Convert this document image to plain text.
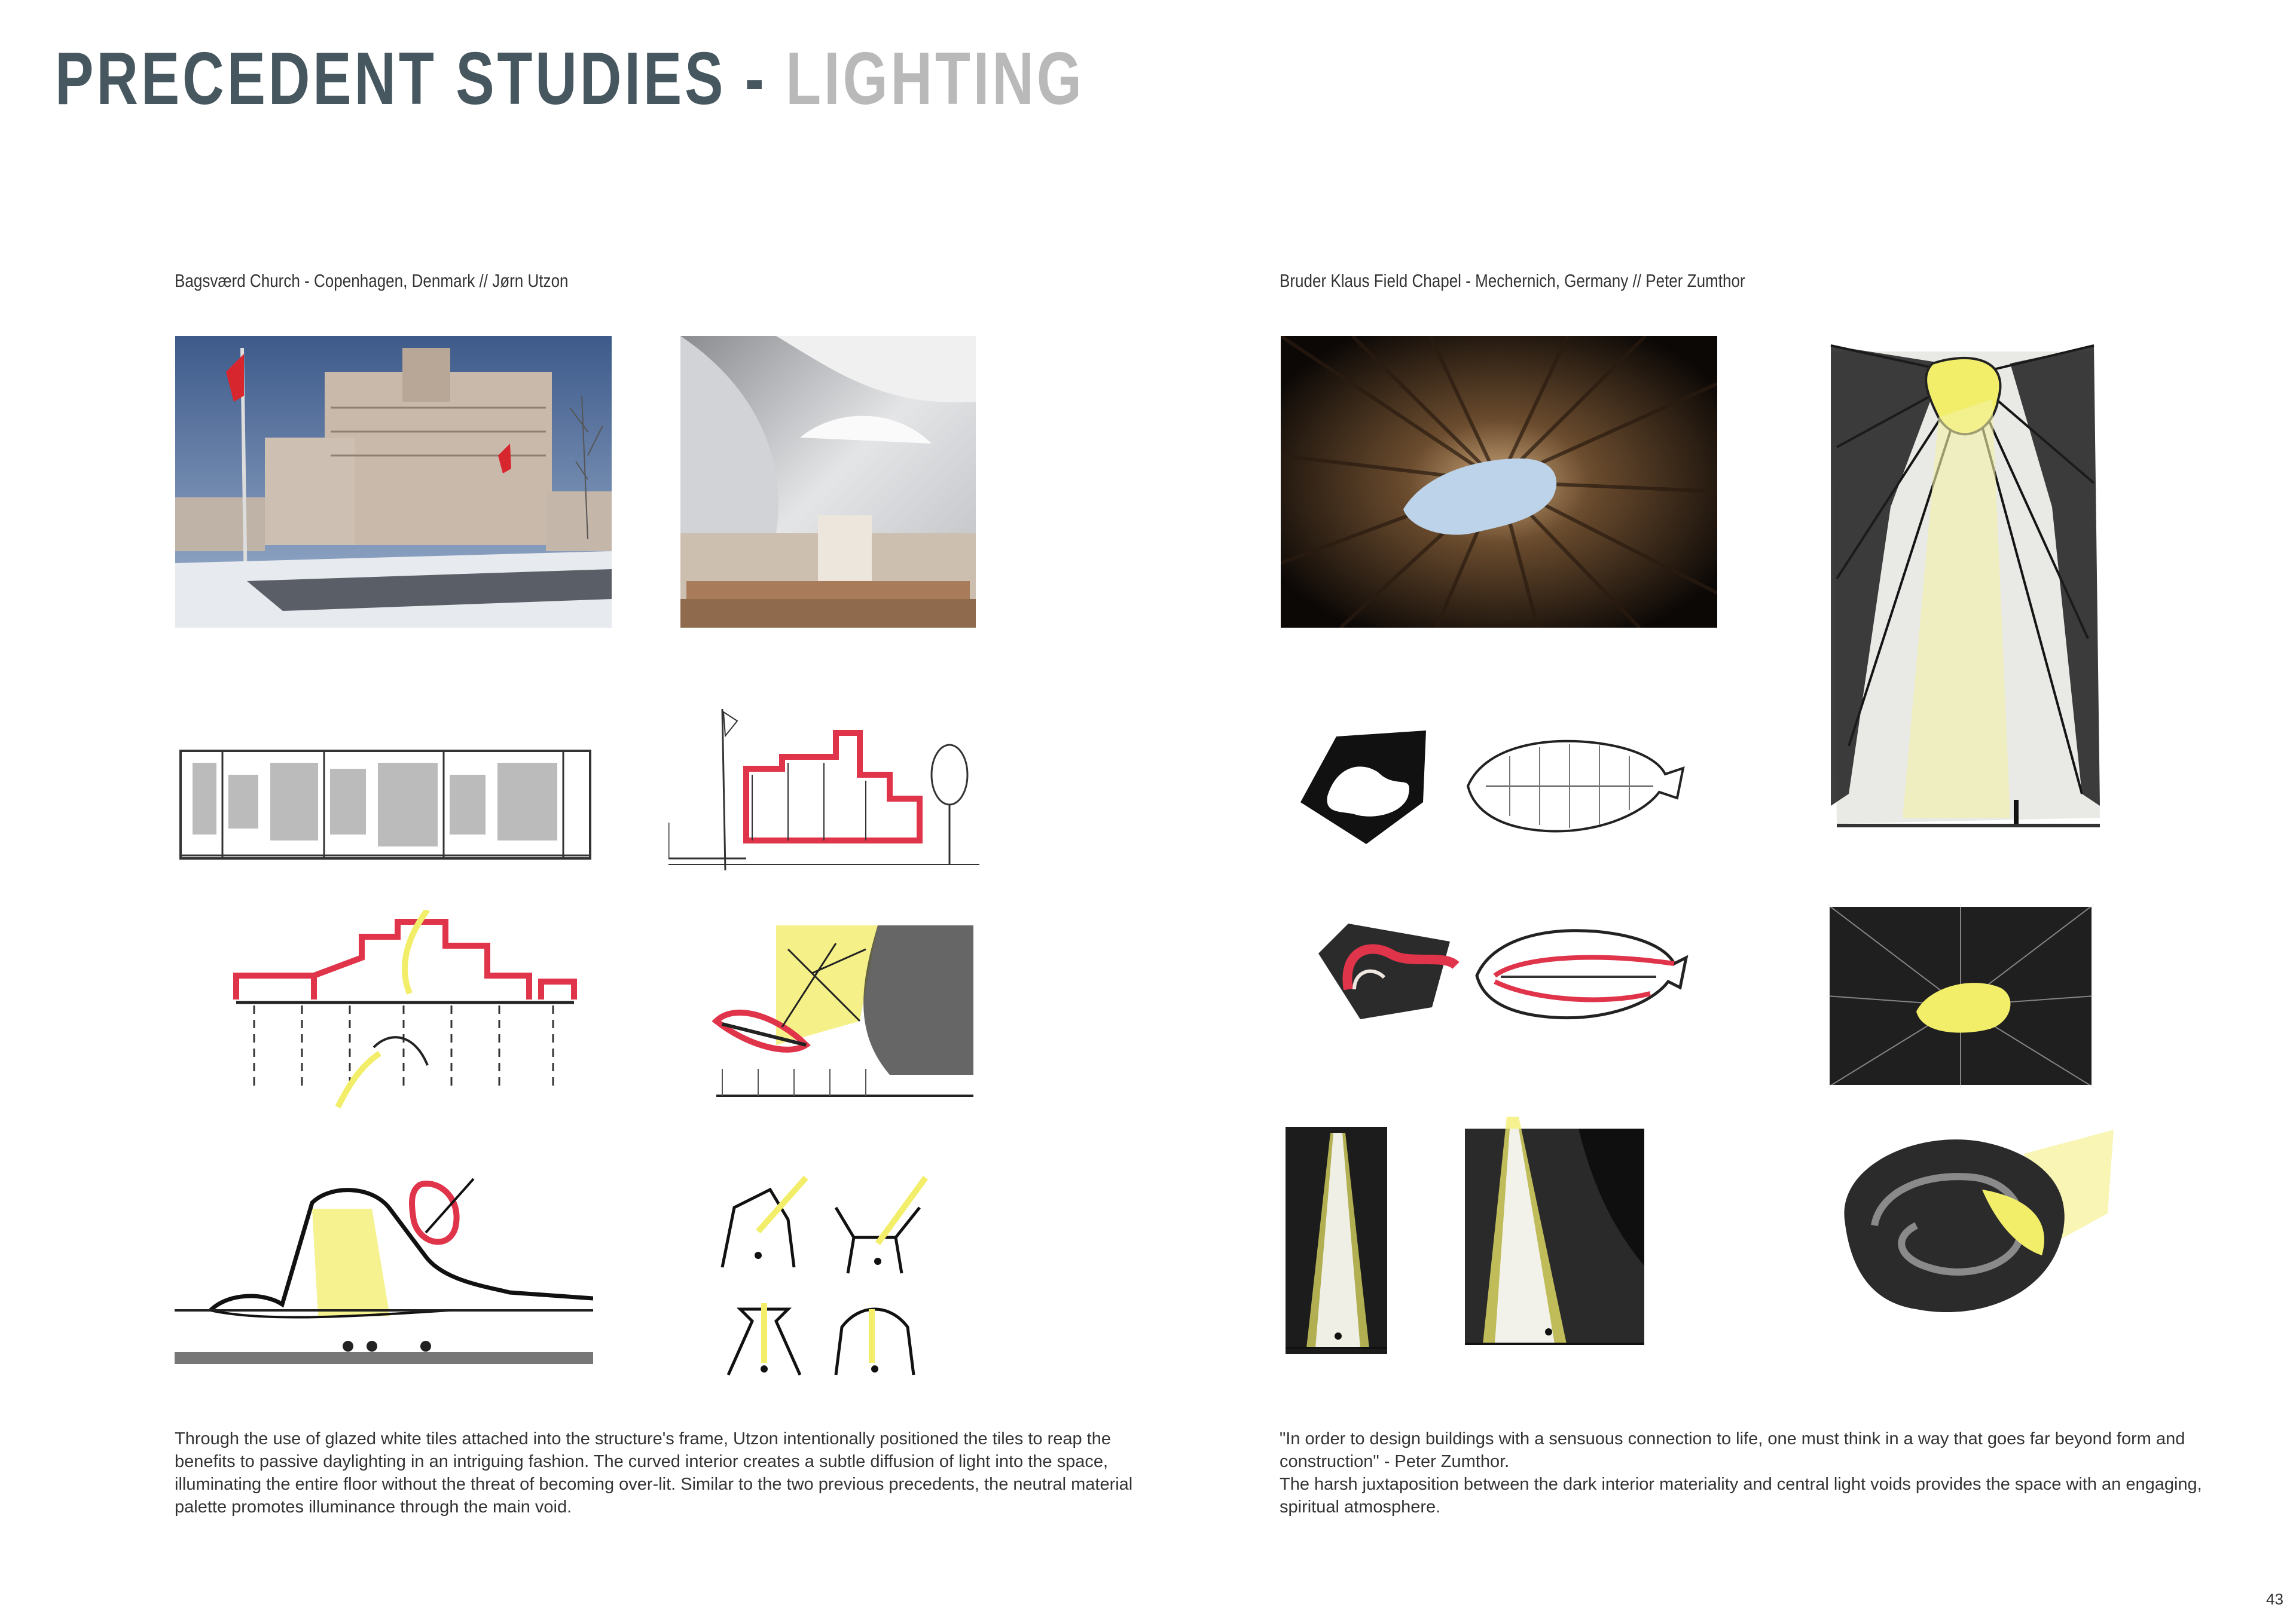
PRECEDENT STUDIES - LIGHTING
Bagsværd Church - Copenhagen, Denmark // Jørn Utzon	Bruder Klaus Field Chapel - Mechernich, Germany // Peter Zumthor

Through the use of glazed white tiles attached into the structure's frame, Utzon intentionally positioned the tiles to reap the benefits to passive daylighting in an intriguing fashion. The curved interior creates a subtle diffusion of light into the space, illuminating the entire floor without the threat of becoming over-lit. Similar to the two previous precedents, the neutral material palette promotes illuminance through the main void.

"In order to design buildings with a sensuous connection to life, one must think in a way that goes far beyond form and construction" - Peter Zumthor.

The harsh juxtaposition between the dark interior materiality and central light voids provides the space with an engaging, spiritual atmosphere.

43
